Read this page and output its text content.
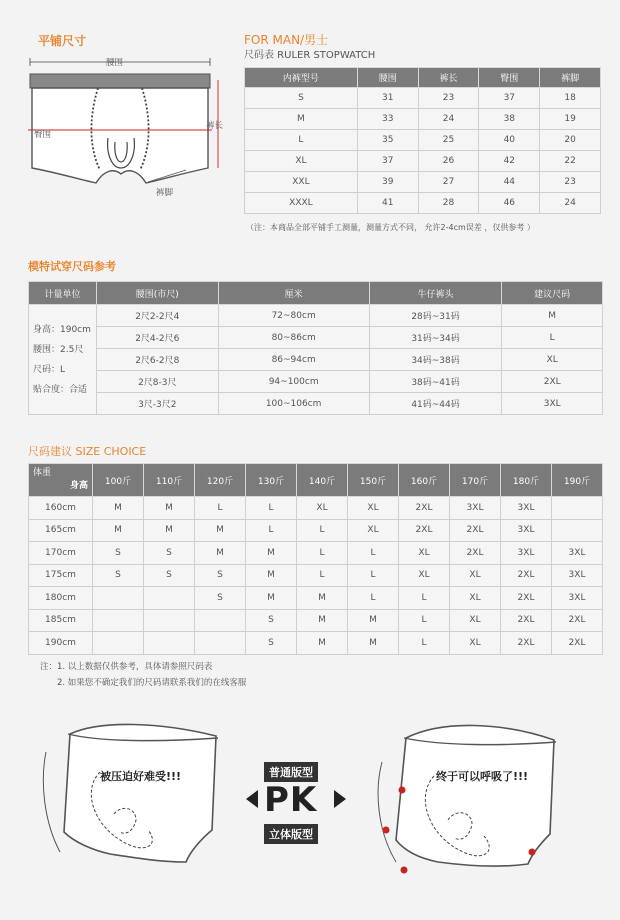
平铺尺寸
腰围
臀围
裤长
裤脚
FOR MAN/男士
尺码表 RULER STOPWATCH
内裤型号	腰围	裤长	臀围	裤脚
S	31	23	37	18
M	33	24	38	19
L	35	25	40	20
XL	37	26	42	22
XXL	39	27	44	23
XXXL	41	28	46	24
（注：本商品全部平铺手工测量，测量方式不同， 允许2-4cm误差 ，仅供参考 ）
模特试穿尺码参考
计量单位	腰围(市尺)	厘米	牛仔裤头	建议尺码

身高：190cm
腰围：2.5尺
尺码：L
贴合度：合适	2尺2-2尺4	72~80cm	28码~31码	M
	2尺4-2尺6	80~86cm	31码~34码	L
	2尺6-2尺8	86~94cm	34码~38码	XL
	2尺8-3尺	94~100cm	38码~41码	2XL
	3尺-3尺2	100~106cm	41码~44码	3XL
尺码建议 SIZE CHOICE
体重
身高	100斤	110斤	120斤	130斤	140斤	150斤	160斤	170斤	180斤	190斤
160cm	M	M	L	L	XL	XL	2XL	3XL	3XL	
165cm	M	M	M	L	L	XL	2XL	2XL	3XL	
170cm	S	S	M	M	L	L	XL	2XL	3XL	3XL
175cm	S	S	S	M	L	L	XL	XL	2XL	3XL
180cm			S	M	M	L	L	XL	2XL	3XL
185cm				S	M	M	L	XL	2XL	2XL
190cm				S	M	M	L	XL	2XL	2XL
注：1. 以上数据仅供参考，具体请参照尺码表
2. 如果您不确定我们的尺码请联系我们的在线客服
被压迫好难受!!!	普通版型
PK
立体版型
终于可以呼吸了!!!
